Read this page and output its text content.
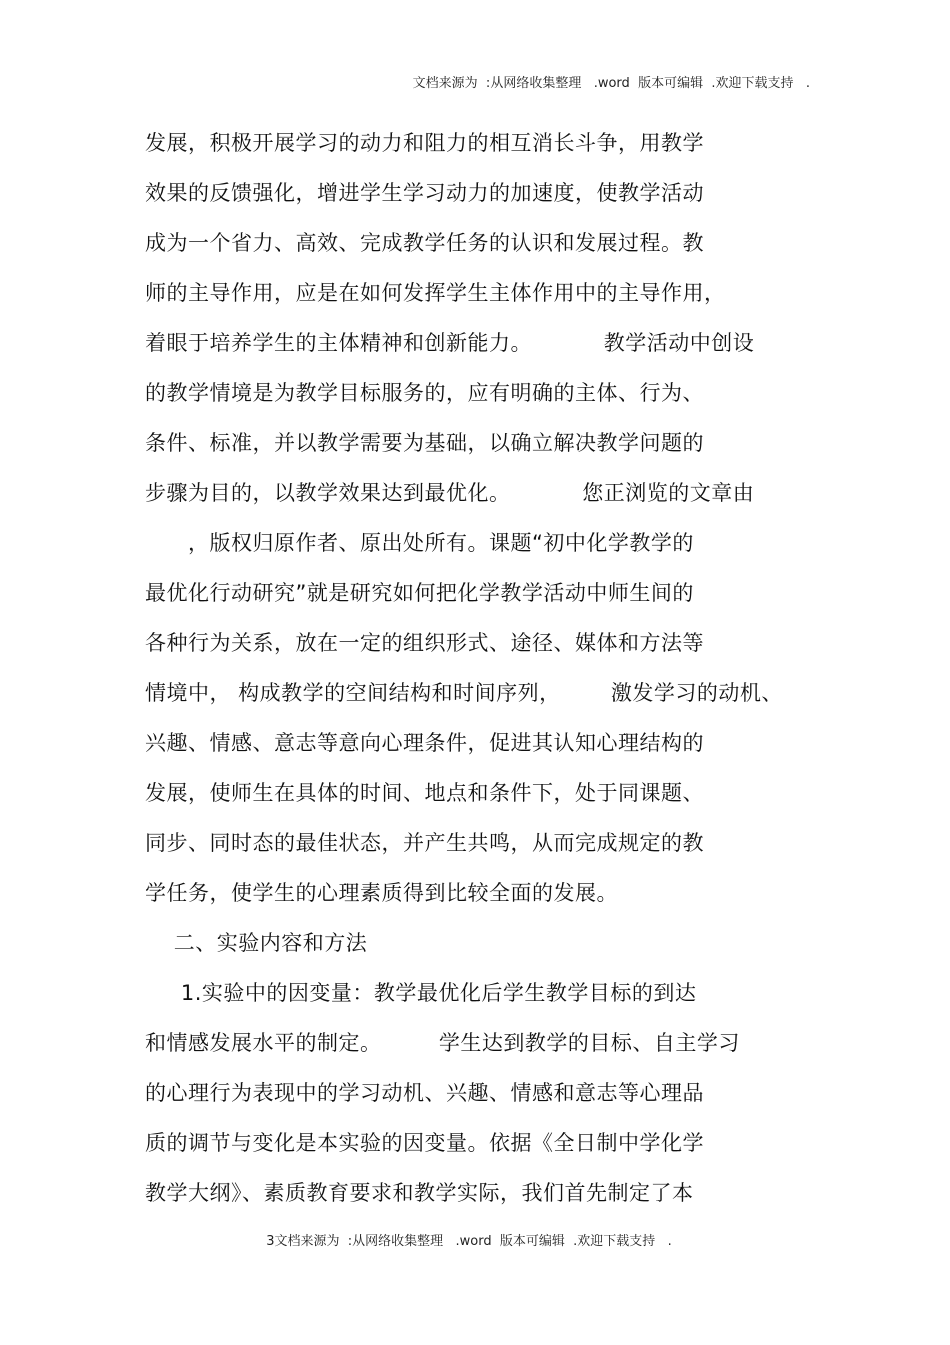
文档来源为  :从网络收集整理   .word  版本可编辑  .欢迎下载支持   .
发展，积极开展学习的动力和阻力的相互消长斗争，用教学
效果的反馈强化，增进学生学习动力的加速度，使教学活动
成为一个省力、高效、完成教学任务的认识和发展过程。教
师的主导作用，应是在如何发挥学生主体作用中的主导作用，
着眼于培养学生的主体精神和创新能力。          教学活动中创设
的教学情境是为教学目标服务的，应有明确的主体、行为、
条件、标准，并以教学需要为基础，以确立解决教学问题的
步骤为目的，以教学效果达到最优化。          您正浏览的文章由
，版权归原作者、原出处所有。课题“初中化学教学的
最优化行动研究”就是研究如何把化学教学活动中师生间的
各种行为关系，放在一定的组织形式、途径、媒体和方法等
情境中， 构成教学的空间结构和时间序列，       激发学习的动机、
兴趣、情感、意志等意向心理条件，促进其认知心理结构的
发展，使师生在具体的时间、地点和条件下，处于同课题、
同步、同时态的最佳状态，并产生共鸣，从而完成规定的教
学任务，使学生的心理素质得到比较全面的发展。
二、实验内容和方法
1.实验中的因变量：教学最优化后学生教学目标的到达
和情感发展水平的制定。        学生达到教学的目标、自主学习
的心理行为表现中的学习动机、兴趣、情感和意志等心理品
质的调节与变化是本实验的因变量。依据《全日制中学化学
教学大纲》、素质教育要求和教学实际，我们首先制定了本
3文档来源为  :从网络收集整理   .word  版本可编辑  .欢迎下载支持   .
